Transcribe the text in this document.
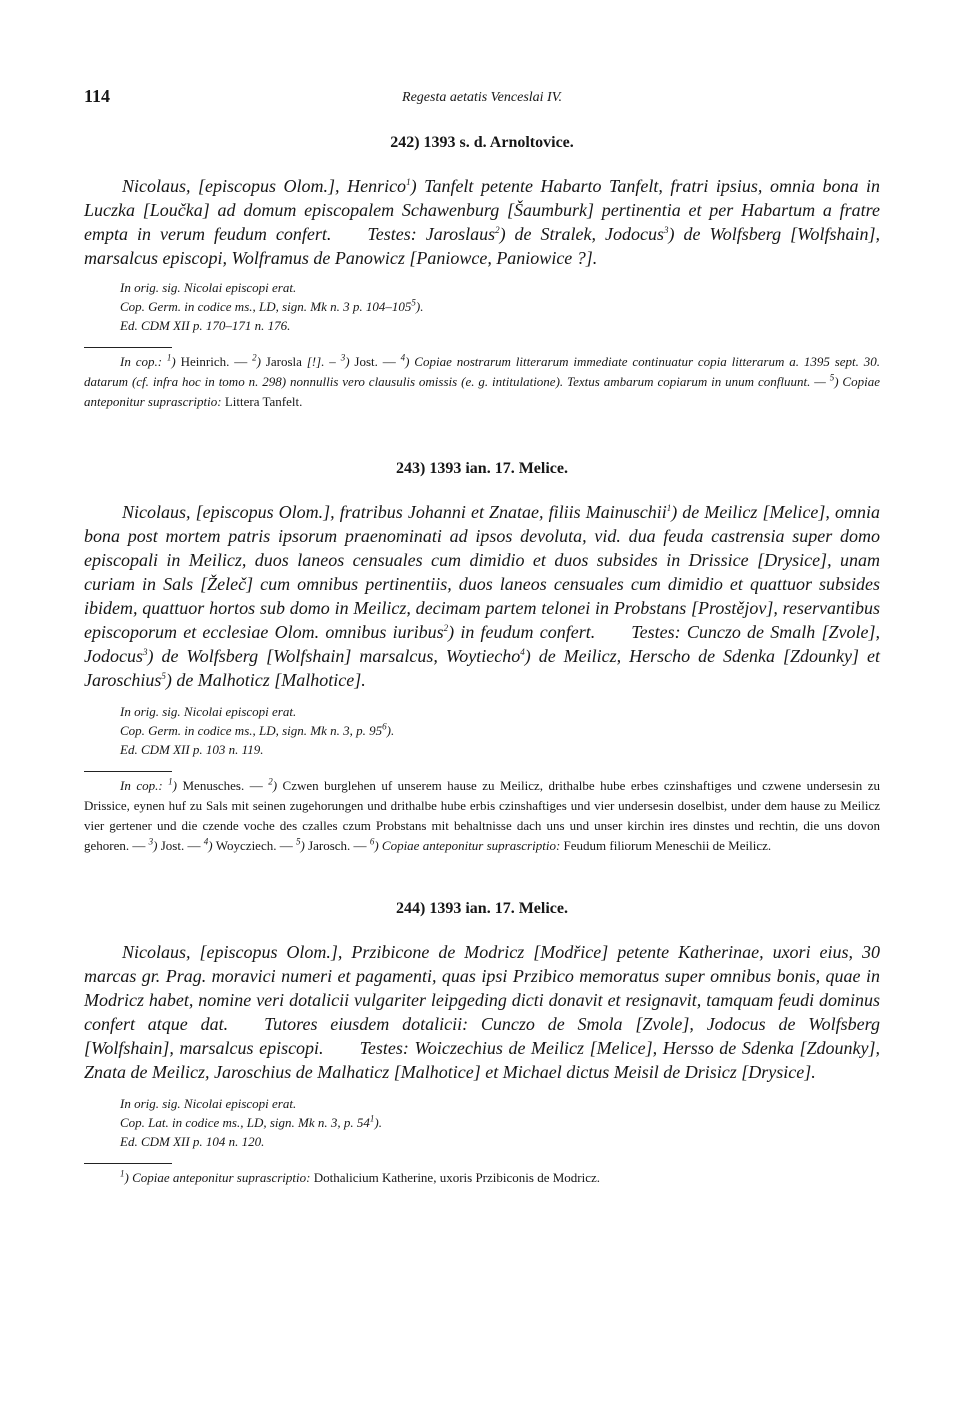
114	Regesta aetatis Venceslai IV.
242) 1393 s. d. Arnoltovice.

Nicolaus, [episcopus Olom.], Henrico$^1$) Tanfelt petente Habarto Tanfelt, fratri ipsius, omnia bona in Luczka [Loučka] ad domum episcopalem Schawenburg [Šaumburk] pertinentia et per Habartum a fratre empta in verum feudum confert. Testes: Jaroslaus$^2$) de Stralek, Jodocus$^3$) de Wolfsberg [Wolfshain], marsalcus episcopi, Wolframus de Panowicz [Paniowce, Paniowice ?].

In orig. sig. Nicolai episcopi erat.
Cop. Germ. in codice ms., LD, sign. Mk n. 3 p. $104-105^5$).
Ed. CDM XII p. 170–171 n. 176.

In cop.: $^1$) Heinrich. — $^2$) Jarosla [!]. – $^3$) Jost. — $^4$) Copiae nostrarum litterarum immediate continuatur copia litterarum a. 1395 sept. 30. datarum (cf. infra hoc in tomo n. 298) nonnullis vero clausulis omissis (e. g. intitulatione). Textus ambarum copiarum in unum confluunt. — $^5$) Copiae anteponitur suprascriptio: Littera Tanfelt.

243) 1393 ian. 17. Melice.

Nicolaus, [episcopus Olom.], fratribus Johanni et Znatae, filiis Mainuschii$^1$) de Meilicz [Melice], omnia bona post mortem patris ipsorum praenominati ad ipsos devoluta, vid. dua feuda castrensia super domo episcopali in Meilicz, duos laneos censuales cum dimidio et duos subsides in Drissice [Drysice], unam curiam in Sals [Želeč] cum omnibus pertinentiis, duos laneos censuales cum dimidio et quattuor subsides ibidem, quattuor hortos sub domo in Meilicz, decimam partem telonei in Probstans [Prostějov], reservantibus episcoporum et ecclesiae Olom. omnibus iuribus$^2$) in feudum confert. Testes: Cunczo de Smalh [Zvole], Jodocus$^3$) de Wolfsberg [Wolfshain] marsalcus, Woytiecho$^4$) de Meilicz, Herscho de Sdenka [Zdounky] et Jaroschius$^5$) de Malhoticz [Malhotice].

In orig. sig. Nicolai episcopi erat.
Cop. Germ. in codice ms., LD, sign. Mk n. 3, p. $95^6$).
Ed. CDM XII p. 103 n. 119.

In cop.: $^1$) Menusches. — $^2$) Czwen burglehen uf unserem hause zu Meilicz, drithalbe hube erbes czinshaftiges und czwene undersesin zu Drissice, eynen huf zu Sals mit seinen zugehorungen und drithalbe hube erbis czinshaftiges und vier undersesin doselbist, under dem hause zu Meilicz vier gertener und die czende voche des czalles czum Probstans mit behaltnisse dach uns und unser kirchin ires dinstes und rechtin, die uns dovon gehoren. — $^3$) Jost. — $^4$) Woycziech. — $^5$) Jarosch. — $^6$) Copiae anteponitur suprascriptio: Feudum filiorum Meneschii de Meilicz.

244) 1393 ian. 17. Melice.

Nicolaus, [episcopus Olom.], Przibicone de Modricz [Modřice] petente Katherinae, uxori eius, 30 marcas gr. Prag. moravici numeri et pagamenti, quas ipsi Przibico memoratus super omnibus bonis, quae in Modricz habet, nomine veri dotalicii vulgariter leipgeding dicti donavit et resignavit, tamquam feudi dominus confert atque dat. Tutores eiusdem dotalicii: Cunczo de Smola [Zvole], Jodocus de Wolfsberg [Wolfshain], marsalcus episcopi. Testes: Woiczechius de Meilicz [Melice], Hersso de Sdenka [Zdounky], Znata de Meilicz, Jaroschius de Malhaticz [Malhotice] et Michael dictus Meisil de Drisicz [Drysice].

In orig. sig. Nicolai episcopi erat.
Cop. Lat. in codice ms., LD, sign. Mk n. 3, p. $54^1$).
Ed. CDM XII p. 104 n. 120.

$^1$) Copiae anteponitur suprascriptio: Dothalicium Katherine, uxoris Przibiconis de Modricz.
